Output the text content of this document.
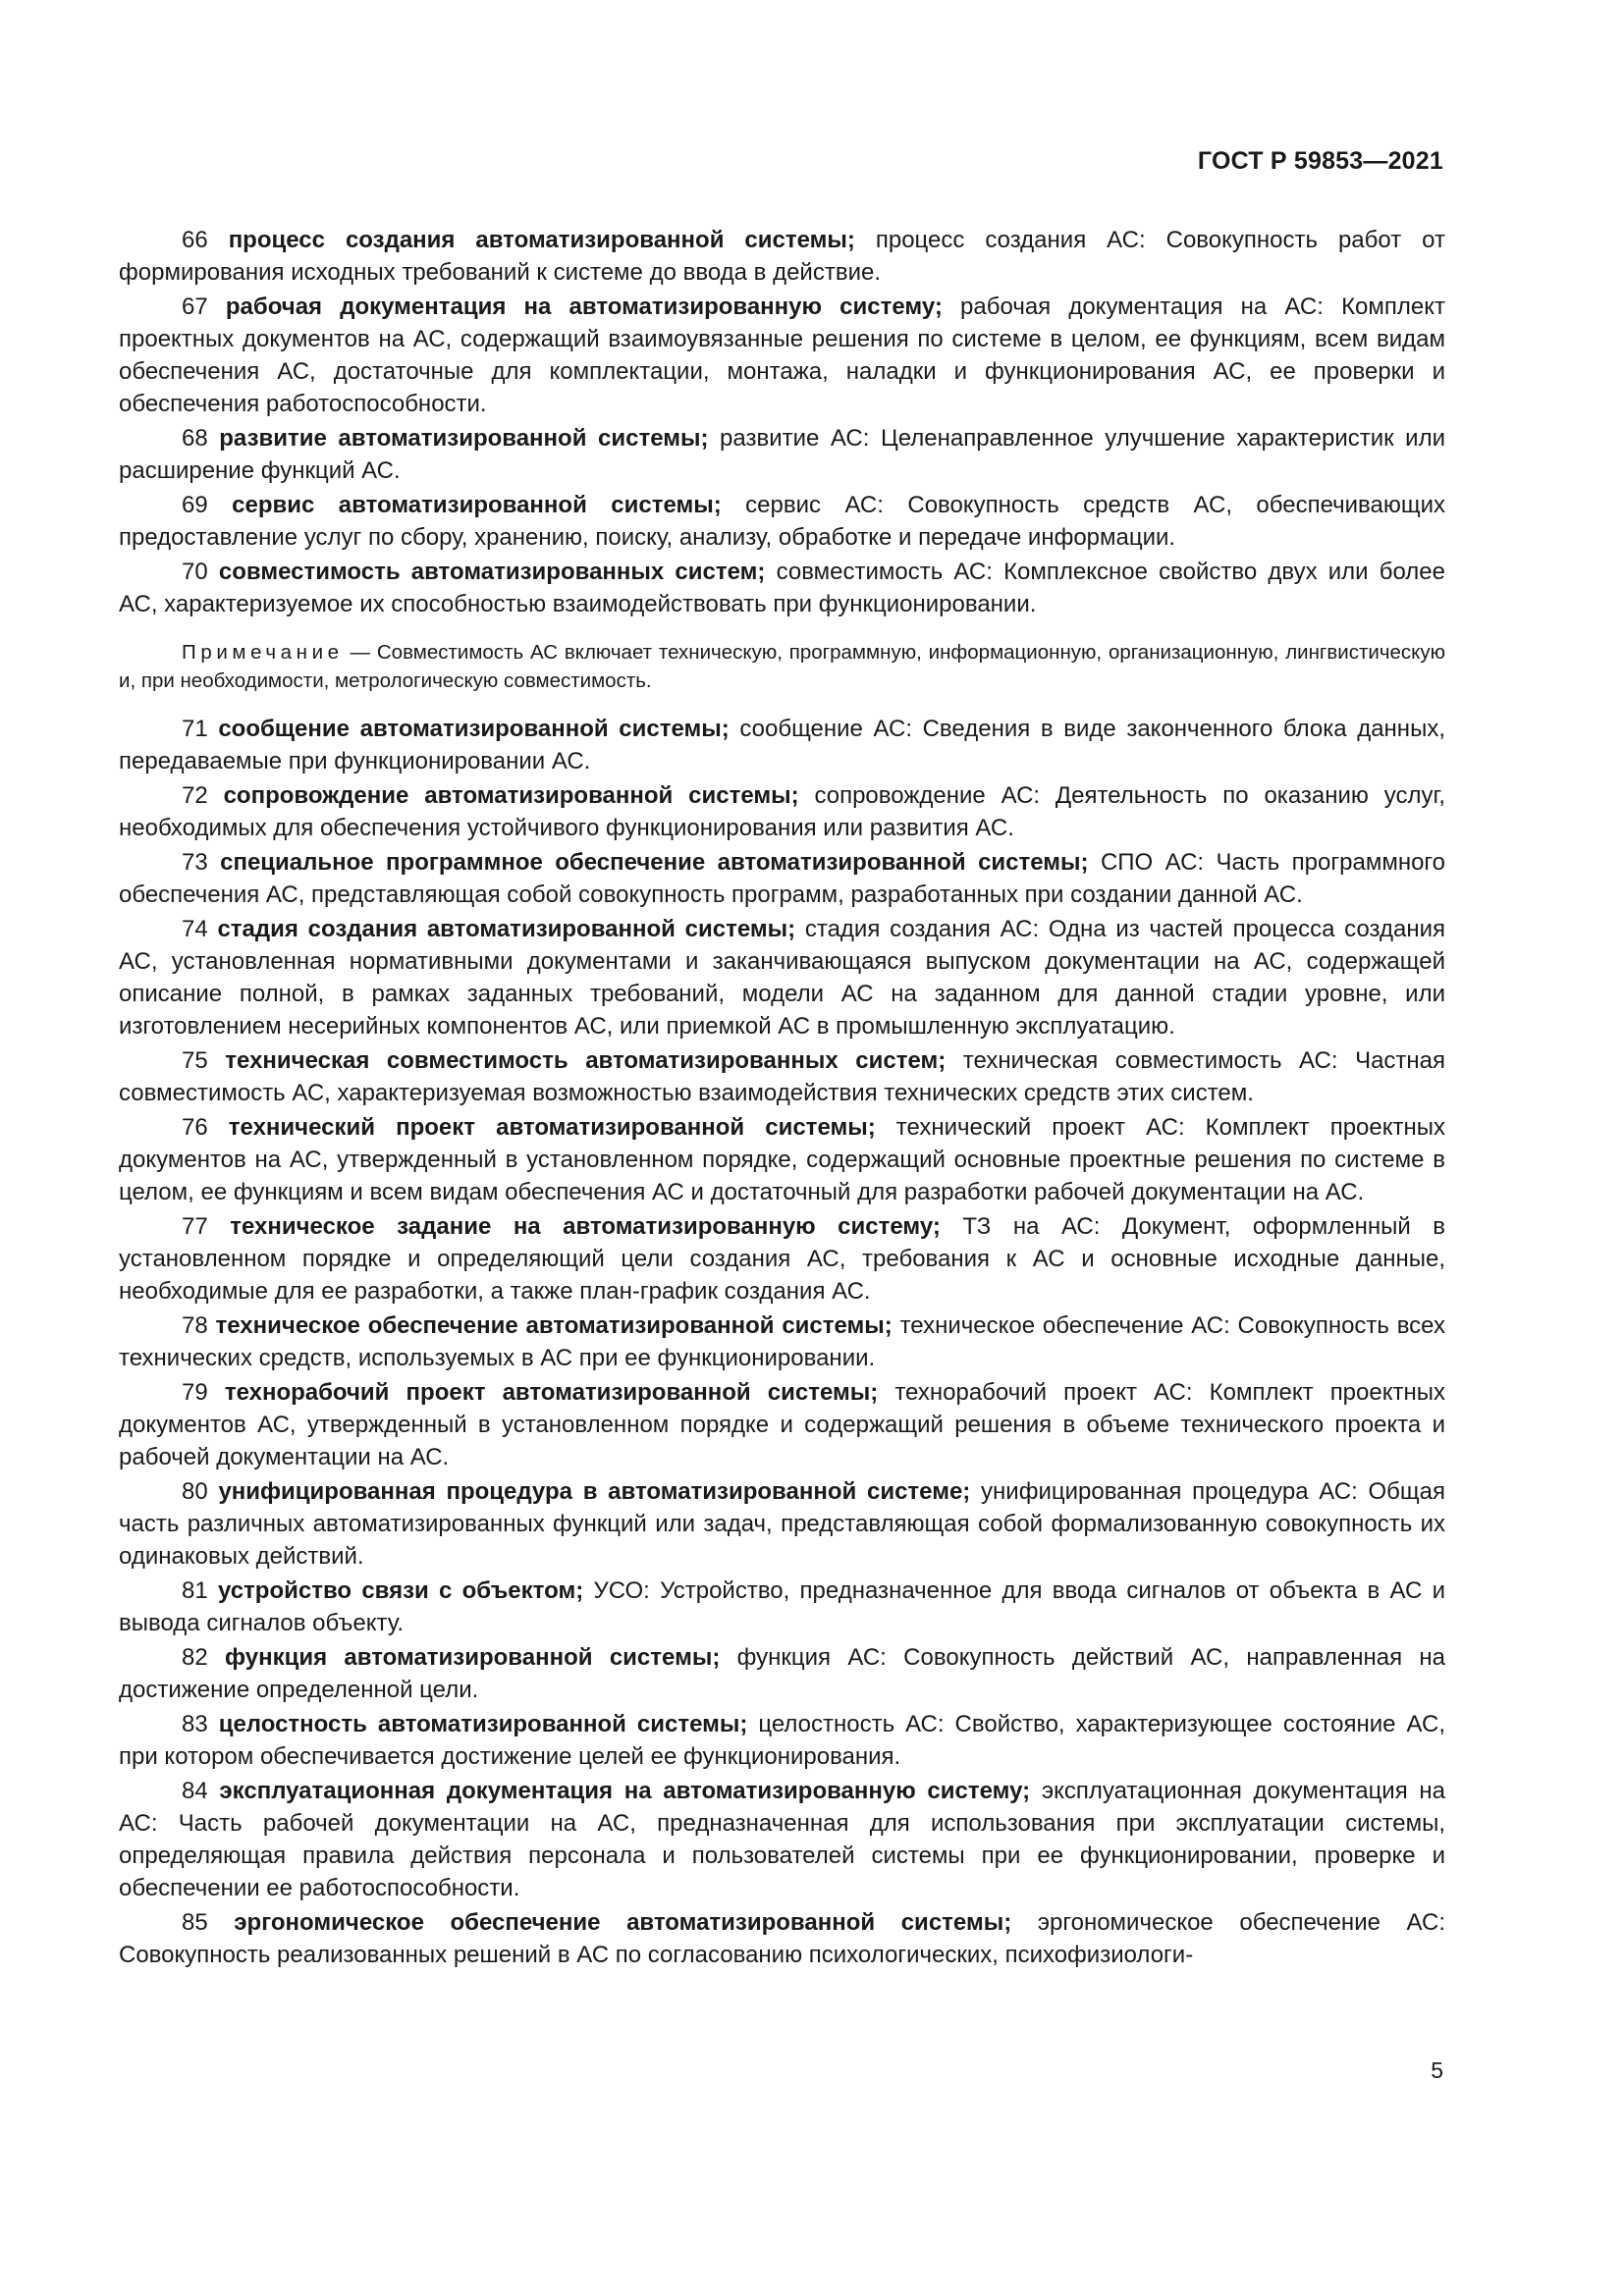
ГОСТ Р 59853—2021

66 процесс создания автоматизированной системы; процесс создания АС: Совокупность работ от формирования исходных требований к системе до ввода в действие.

67 рабочая документация на автоматизированную систему; рабочая документация на АС: Комплект проектных документов на АС, содержащий взаимоувязанные решения по системе в целом, ее функциям, всем видам обеспечения АС, достаточные для комплектации, монтажа, наладки и функционирования АС, ее проверки и обеспечения работоспособности.

68 развитие автоматизированной системы; развитие АС: Целенаправленное улучшение характеристик или расширение функций АС.

69 сервис автоматизированной системы; сервис АС: Совокупность средств АС, обеспечивающих предоставление услуг по сбору, хранению, поиску, анализу, обработке и передаче информации.

70 совместимость автоматизированных систем; совместимость АС: Комплексное свойство двух или более АС, характеризуемое их способностью взаимодействовать при функционировании.

Примечание — Совместимость АС включает техническую, программную, информационную, организационную, лингвистическую и, при необходимости, метрологическую совместимость.

71 сообщение автоматизированной системы; сообщение АС: Сведения в виде законченного блока данных, передаваемые при функционировании АС.

72 сопровождение автоматизированной системы; сопровождение АС: Деятельность по оказанию услуг, необходимых для обеспечения устойчивого функционирования или развития АС.

73 специальное программное обеспечение автоматизированной системы; СПО АС: Часть программного обеспечения АС, представляющая собой совокупность программ, разработанных при создании данной АС.

74 стадия создания автоматизированной системы; стадия создания АС: Одна из частей процесса создания АС, установленная нормативными документами и заканчивающаяся выпуском документации на АС, содержащей описание полной, в рамках заданных требований, модели АС на заданном для данной стадии уровне, или изготовлением несерийных компонентов АС, или приемкой АС в промышленную эксплуатацию.

75 техническая совместимость автоматизированных систем; техническая совместимость АС: Частная совместимость АС, характеризуемая возможностью взаимодействия технических средств этих систем.

76 технический проект автоматизированной системы; технический проект АС: Комплект проектных документов на АС, утвержденный в установленном порядке, содержащий основные проектные решения по системе в целом, ее функциям и всем видам обеспечения АС и достаточный для разработки рабочей документации на АС.

77 техническое задание на автоматизированную систему; ТЗ на АС: Документ, оформленный в установленном порядке и определяющий цели создания АС, требования к АС и основные исходные данные, необходимые для ее разработки, а также план-график создания АС.

78 техническое обеспечение автоматизированной системы; техническое обеспечение АС: Совокупность всех технических средств, используемых в АС при ее функционировании.

79 технорабочий проект автоматизированной системы; технорабочий проект АС: Комплект проектных документов АС, утвержденный в установленном порядке и содержащий решения в объеме технического проекта и рабочей документации на АС.

80 унифицированная процедура в автоматизированной системе; унифицированная процедура АС: Общая часть различных автоматизированных функций или задач, представляющая собой формализованную совокупность их одинаковых действий.

81 устройство связи с объектом; УСО: Устройство, предназначенное для ввода сигналов от объекта в АС и вывода сигналов объекту.

82 функция автоматизированной системы; функция АС: Совокупность действий АС, направленная на достижение определенной цели.

83 целостность автоматизированной системы; целостность АС: Свойство, характеризующее состояние АС, при котором обеспечивается достижение целей ее функционирования.

84 эксплуатационная документация на автоматизированную систему; эксплуатационная документация на АС: Часть рабочей документации на АС, предназначенная для использования при эксплуатации системы, определяющая правила действия персонала и пользователей системы при ее функционировании, проверке и обеспечении ее работоспособности.

85 эргономическое обеспечение автоматизированной системы; эргономическое обеспечение АС: Совокупность реализованных решений в АС по согласованию психологических, психофизиологи-

5
